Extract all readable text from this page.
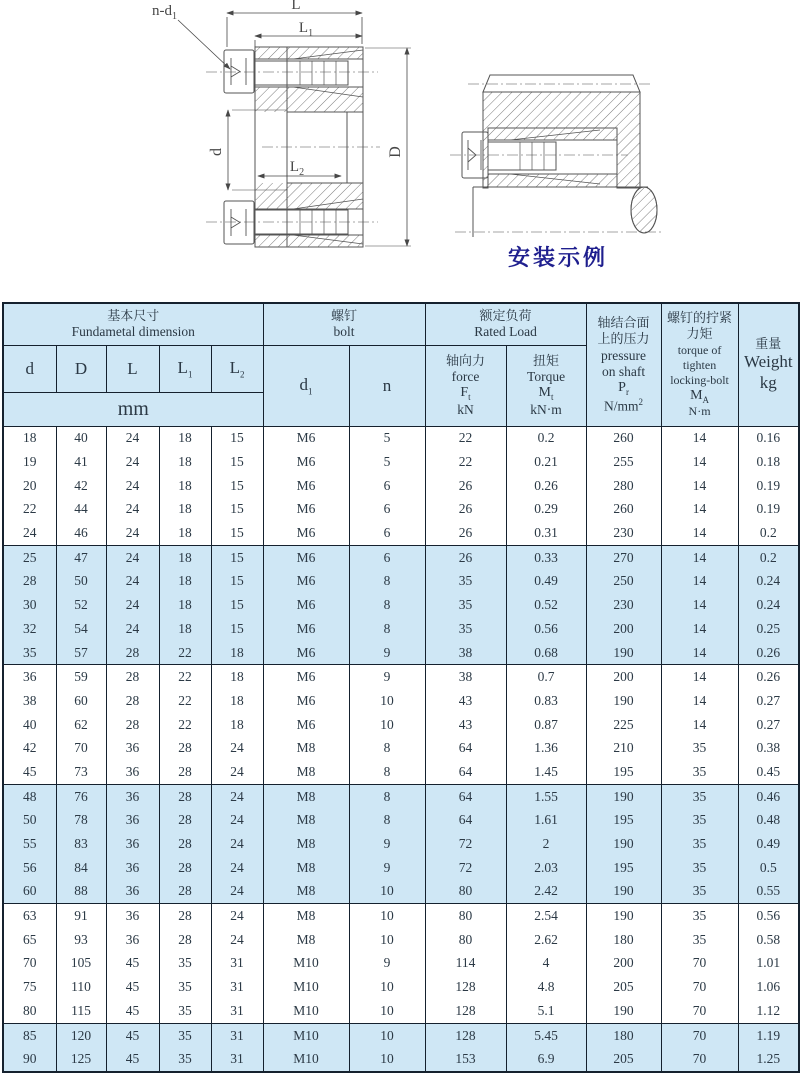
$n-d_1$
L
$L_1$
$L_2$
d	D
安装示例
基本尺寸
Fundametal dimension

螺钉
bolt

额定负荷
Rated Load

轴结合面
上的压力
pressure
on shaft
$P_r$
$N/mm^2$

螺钉的拧紧
力矩
torque of
tighten
locking-bolt
$M_A$
N·m

重量
Weight
kg

d	D	L	$L_1$	$L_2$	$d_1$	n	
轴向力
force
$F_t$
kN

扭矩
Torque
$M_t$
kN·m

mm											
18	40	24	18	15	M6	5	22	0.2	260	14	0.16
19	41	24	18	15	M6	5	22	0.21	255	14	0.18
20	42	24	18	15	M6	6	26	0.26	280	14	0.19
22	44	24	18	15	M6	6	26	0.29	260	14	0.19
24	46	24	18	15	M6	6	26	0.31	230	14	0.2
25	47	24	18	15	M6	6	26	0.33	270	14	0.2
28	50	24	18	15	M6	8	35	0.49	250	14	0.24
30	52	24	18	15	M6	8	35	0.52	230	14	0.24
32	54	24	18	15	M6	8	35	0.56	200	14	0.25
35	57	28	22	18	M6	9	38	0.68	190	14	0.26
36	59	28	22	18	M6	9	38	0.7	200	14	0.26
38	60	28	22	18	M6	10	43	0.83	190	14	0.27
40	62	28	22	18	M6	10	43	0.87	225	14	0.27
42	70	36	28	24	M8	8	64	1.36	210	35	0.38
45	73	36	28	24	M8	8	64	1.45	195	35	0.45
48	76	36	28	24	M8	8	64	1.55	190	35	0.46
50	78	36	28	24	M8	8	64	1.61	195	35	0.48
55	83	36	28	24	M8	9	72	2	190	35	0.49
56	84	36	28	24	M8	9	72	2.03	195	35	0.5
60	88	36	28	24	M8	10	80	2.42	190	35	0.55
63	91	36	28	24	M8	10	80	2.54	190	35	0.56
65	93	36	28	24	M8	10	80	2.62	180	35	0.58
70	105	45	35	31	M10	9	114	4	200	70	1.01
75	110	45	35	31	M10	10	128	4.8	205	70	1.06
80	115	45	35	31	M10	10	128	5.1	190	70	1.12
85	120	45	35	31	M10	10	128	5.45	180	70	1.19
90	125	45	35	31	M10	10	153	6.9	205	70	1.25
